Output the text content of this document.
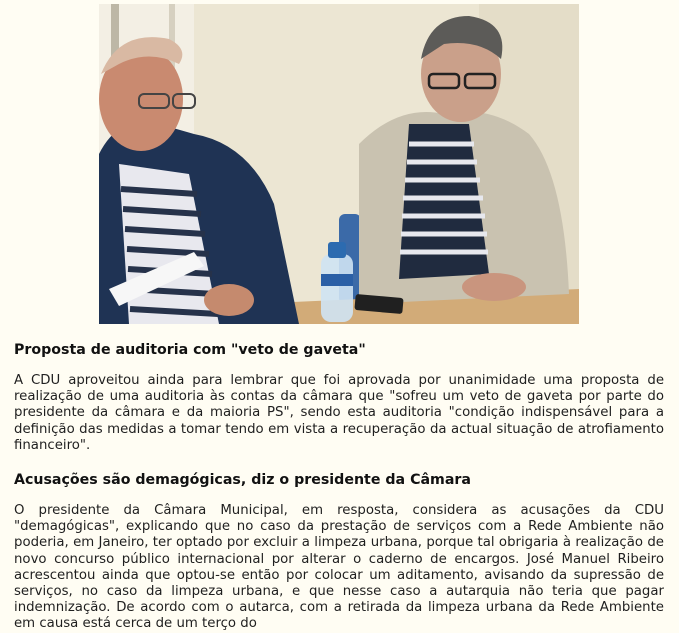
Proposta de auditoria com "veto de gaveta"

A CDU aproveitou ainda para lembrar que foi aprovada por unanimidade uma proposta de realização de uma auditoria às contas da câmara que "sofreu um veto de gaveta por parte do presidente da câmara e da maioria PS", sendo esta auditoria "condição indispensável para a definição das medidas a tomar tendo em vista a recuperação da actual situação de atrofiamento financeiro".

Acusações são demagógicas, diz o presidente da Câmara

O presidente da Câmara Municipal, em resposta, considera as acusações da CDU "demagógicas", explicando que no caso da prestação de serviços com a Rede Ambiente não poderia, em Janeiro, ter optado por excluir a limpeza urbana, porque tal obrigaria à realização de novo concurso público internacional por alterar o caderno de encargos. José Manuel Ribeiro acrescentou ainda que optou-se então por colocar um aditamento, avisando da supressão de serviços, no caso da limpeza urbana, e que nesse caso a autarquia não teria que pagar indemnização. De acordo com o autarca, com a retirada da limpeza urbana da Rede Ambiente em causa está cerca de um terço do
